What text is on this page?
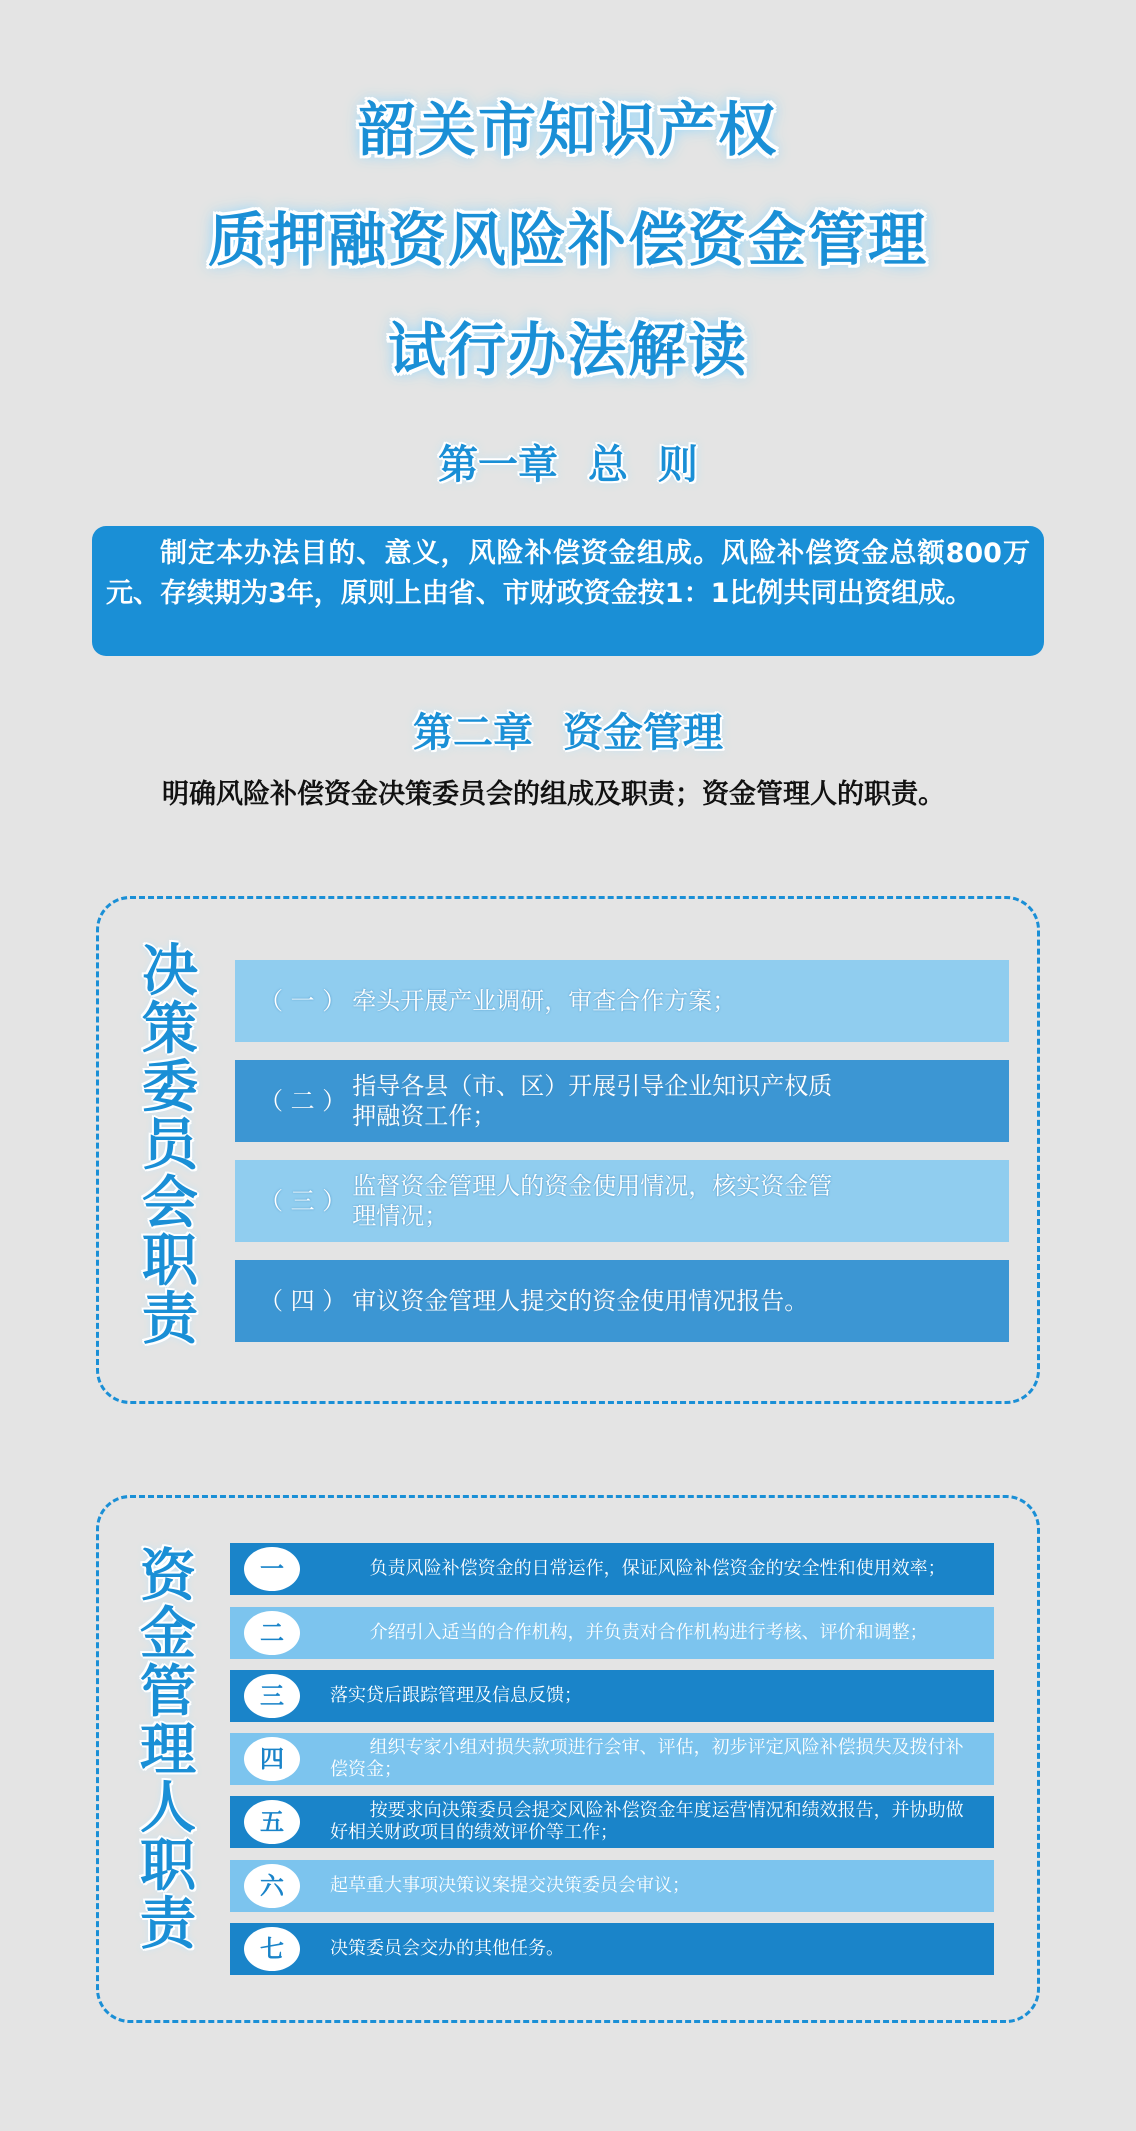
韶关市知识产权
质押融资风险补偿资金管理
试行办法解读
第一章 总 则

制定本办法目的、意义，风险补偿资金组成。风险补偿资金总额800万元、存续期为3年，原则上由省、市财政资金按1：1比例共同出资组成。

第二章 资金管理

明确风险补偿资金决策委员会的组成及职责；资金管理人的职责。

决
策
委
员
会
职
责
（ 一 ） 牵头开展产业调研，审查合作方案；
（ 二 ）
指导各县（市、区）开展引导企业知识产权质押融资工作；
（ 三 ）
监督资金管理人的资金使用情况，核实资金管理情况；
（ 四 ） 审议资金管理人提交的资金使用情况报告。
资
金
管
理
人
职
责
一	负责风险补偿资金的日常运作，保证风险补偿资金的安全性和使用效率；
二	介绍引入适当的合作机构，并负责对合作机构进行考核、评价和调整；
三	落实贷后跟踪管理及信息反馈；
四	组织专家小组对损失款项进行会审、评估，初步评定风险补偿损失及拨付补偿资金；
五	按要求向决策委员会提交风险补偿资金年度运营情况和绩效报告，并协助做好相关财政项目的绩效评价等工作；
六	起草重大事项决策议案提交决策委员会审议；
七	决策委员会交办的其他任务。
